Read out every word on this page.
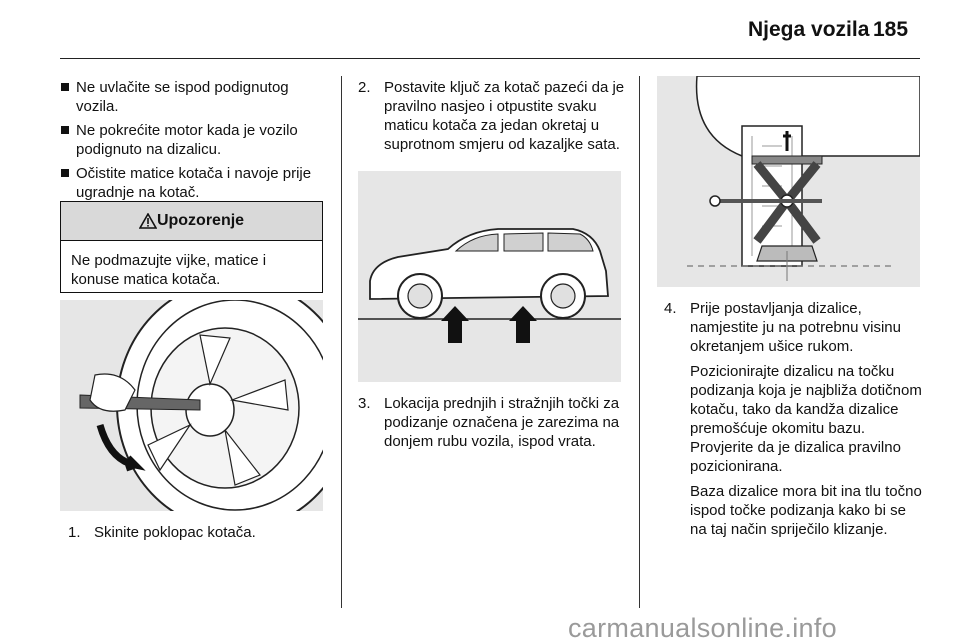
Njega vozila 185
Ne uvlačite se ispod podignutog vozila.
Ne pokrećite motor kada je vozilo podignuto na dizalicu.
Očistite matice kotača i navoje prije ugradnje na kotač.
Upozorenje
Ne podmazujte vijke, matice i konuse matica kotača.
1. Skinite poklopac kotača.
2. Postavite ključ za kotač pazeći da je pravilno nasjeo i otpustite svaku maticu kotača za jedan okretaj u suprotnom smjeru od kazaljke sata.
3. Lokacija prednjih i stražnjih točki za podizanje označena je zarezima na donjem rubu vozila, ispod vrata.
4. Prije postavljanja dizalice, namjestite ju na potrebnu visinu okretanjem ušice rukom.
Pozicionirajte dizalicu na točku podizanja koja je najbliža dotičnom kotaču, tako da kandža dizalice premošćuje okomitu bazu. Provjerite da je dizalica pravilno pozicionirana.
Baza dizalice mora bit ina tlu točno ispod točke podizanja kako bi se na taj način spriječilo klizanje.
carmanualsonline.info
